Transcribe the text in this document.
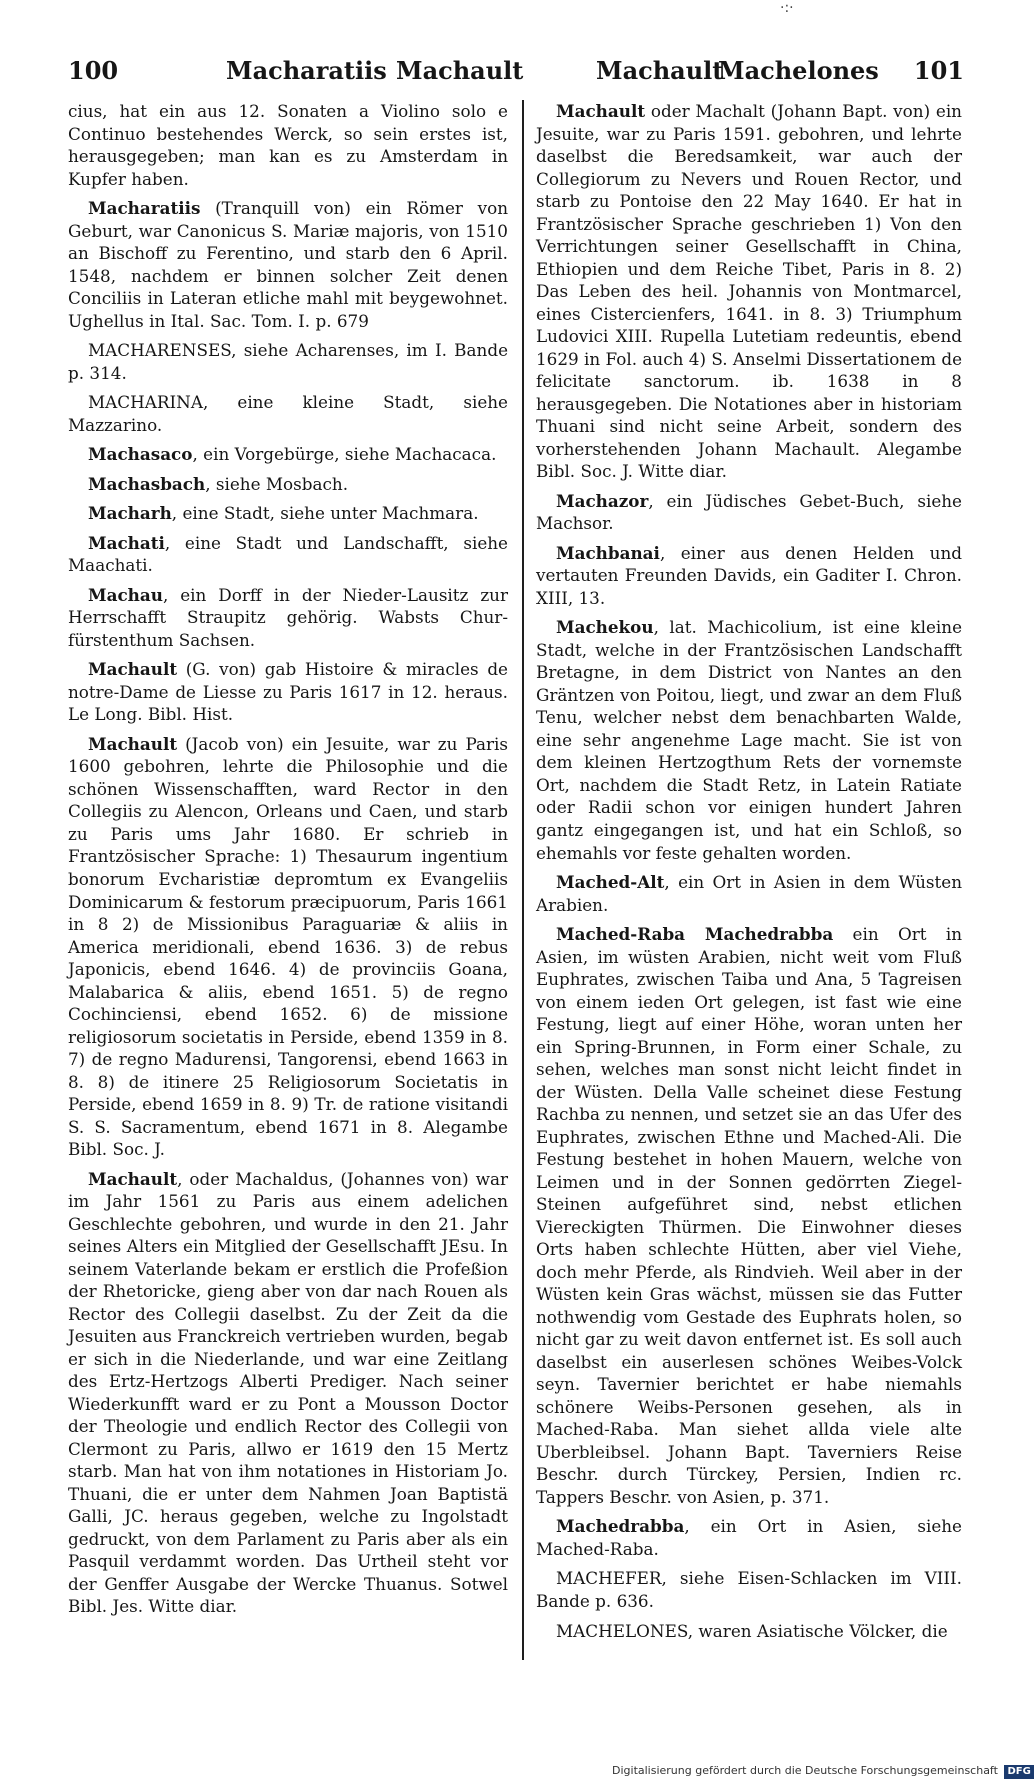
·:·
100	Macharatiis Machault	Machault
Machelones 101

cius, hat ein aus 12. Sonaten a Violino solo e Continuo bestehendes Werck, so sein erstes ist, herausgegeben; man kan es zu Amsterdam in Kupfer haben.

Macharatiis (Tranquill von) ein Römer von Geburt, war Canonicus S. Mariæ majoris, von 1510 an Bischoff zu Ferentino, und starb den 6 April. 1548, nachdem er binnen solcher Zeit denen Conciliis in Lateran etliche mahl mit beygewohnet. Ughellus in Ital. Sac. Tom. I. p. 679

MACHARENSES, siehe Acharenses, im I. Bande p. 314.

MACHARINA, eine kleine Stadt, siehe Mazzarino.

Machasaco, ein Vorgebürge, siehe Machacaca.

Machasbach, siehe Mosbach.

Macharh, eine Stadt, siehe unter Machmara.

Machati, eine Stadt und Landschafft, siehe Maachati.

Machau, ein Dorff in der Nieder-Lausitz zur Herrschafft Straupitz gehörig. Wabsts Chur-fürstenthum Sachsen.

Machault (G. von) gab Histoire & miracles de notre-Dame de Liesse zu Paris 1617 in 12. heraus. Le Long. Bibl. Hist.

Machault (Jacob von) ein Jesuite, war zu Paris 1600 gebohren, lehrte die Philosophie und die schönen Wissenschafften, ward Rector in den Collegiis zu Alencon, Orleans und Caen, und starb zu Paris ums Jahr 1680. Er schrieb in Frantzösischer Sprache: 1) Thesaurum ingentium bonorum Evcharistiæ depromtum ex Evangeliis Dominicarum & festorum præcipuorum, Paris 1661 in 8 2) de Missionibus Paraguariæ & aliis in America meridionali, ebend 1636. 3) de rebus Japonicis, ebend 1646. 4) de provinciis Goana, Malabarica & aliis, ebend 1651. 5) de regno Cochinciensi, ebend 1652. 6) de missione religiosorum societatis in Perside, ebend 1359 in 8. 7) de regno Madurensi, Tangorensi, ebend 1663 in 8. 8) de itinere 25 Religiosorum Societatis in Perside, ebend 1659 in 8. 9) Tr. de ratione visitandi S. S. Sacramentum, ebend 1671 in 8. Alegambe Bibl. Soc. J.

Machault, oder Machaldus, (Johannes von) war im Jahr 1561 zu Paris aus einem adelichen Geschlechte gebohren, und wurde in den 21. Jahr seines Alters ein Mitglied der Gesellschafft JEsu. In seinem Vaterlande bekam er erstlich die Profeßion der Rhetoricke, gieng aber von dar nach Rouen als Rector des Collegii daselbst. Zu der Zeit da die Jesuiten aus Franckreich vertrieben wurden, begab er sich in die Niederlande, und war eine Zeitlang des Ertz-Hertzogs Alberti Prediger. Nach seiner Wiederkunfft ward er zu Pont a Mousson Doctor der Theologie und endlich Rector des Collegii von Clermont zu Paris, allwo er 1619 den 15 Mertz starb. Man hat von ihm notationes in Historiam Jo. Thuani, die er unter dem Nahmen Joan Baptistä Galli, JC. heraus gegeben, welche zu Ingolstadt gedruckt, von dem Parlament zu Paris aber als ein Pasquil verdammt worden. Das Urtheil steht vor der Genffer Ausgabe der Wercke Thuanus. Sotwel Bibl. Jes. Witte diar.

Machault oder Machalt (Johann Bapt. von) ein Jesuite, war zu Paris 1591. gebohren, und lehrte daselbst die Beredsamkeit, war auch der Collegiorum zu Nevers und Rouen Rector, und starb zu Pontoise den 22 May 1640. Er hat in Frantzösischer Sprache geschrieben 1) Von den Verrichtungen seiner Gesellschafft in China, Ethiopien und dem Reiche Tibet, Paris in 8. 2) Das Leben des heil. Johannis von Montmarcel, eines Cistercienfers, 1641. in 8. 3) Triumphum Ludovici XIII. Rupella Lutetiam redeuntis, ebend 1629 in Fol. auch 4) S. Anselmi Dissertationem de felicitate sanctorum. ib. 1638 in 8 herausgegeben. Die Notationes aber in historiam Thuani sind nicht seine Arbeit, sondern des vorherstehenden Johann Machault. Alegambe Bibl. Soc. J. Witte diar.

Machazor, ein Jüdisches Gebet-Buch, siehe Machsor.

Machbanai, einer aus denen Helden und vertauten Freunden Davids, ein Gaditer I. Chron. XIII, 13.

Machekou, lat. Machicolium, ist eine kleine Stadt, welche in der Frantzösischen Landschafft Bretagne, in dem District von Nantes an den Gräntzen von Poitou, liegt, und zwar an dem Fluß Tenu, welcher nebst dem benachbarten Walde, eine sehr angenehme Lage macht. Sie ist von dem kleinen Hertzogthum Rets der vornemste Ort, nachdem die Stadt Retz, in Latein Ratiate oder Radii schon vor einigen hundert Jahren gantz eingegangen ist, und hat ein Schloß, so ehemahls vor feste gehalten worden.

Mached-Alt, ein Ort in Asien in dem Wüsten Arabien.

Mached-Raba Machedrabba ein Ort in Asien, im wüsten Arabien, nicht weit vom Fluß Euphrates, zwischen Taiba und Ana, 5 Tagreisen von einem ieden Ort gelegen, ist fast wie eine Festung, liegt auf einer Höhe, woran unten her ein Spring-Brunnen, in Form einer Schale, zu sehen, welches man sonst nicht leicht findet in der Wüsten. Della Valle scheinet diese Festung Rachba zu nennen, und setzet sie an das Ufer des Euphrates, zwischen Ethne und Mached-Ali. Die Festung bestehet in hohen Mauern, welche von Leimen und in der Sonnen gedörrten Ziegel-Steinen aufgeführet sind, nebst etlichen Viereckigten Thürmen. Die Einwohner dieses Orts haben schlechte Hütten, aber viel Viehe, doch mehr Pferde, als Rindvieh. Weil aber in der Wüsten kein Gras wächst, müssen sie das Futter nothwendig vom Gestade des Euphrats holen, so nicht gar zu weit davon entfernet ist. Es soll auch daselbst ein auserlesen schönes Weibes-Volck seyn. Tavernier berichtet er habe niemahls schönere Weibs-Personen gesehen, als in Mached-Raba. Man siehet allda viele alte Uberbleibsel. Johann Bapt. Taverniers Reise Beschr. durch Türckey, Persien, Indien rc. Tappers Beschr. von Asien, p. 371.

Machedrabba, ein Ort in Asien, siehe Mached-Raba.

MACHEFER, siehe Eisen-Schlacken im VIII. Bande p. 636.

MACHELONES, waren Asiatische Völcker, die

Digitalisierung gefördert durch die Deutsche Forschungsgemeinschaft DFG
